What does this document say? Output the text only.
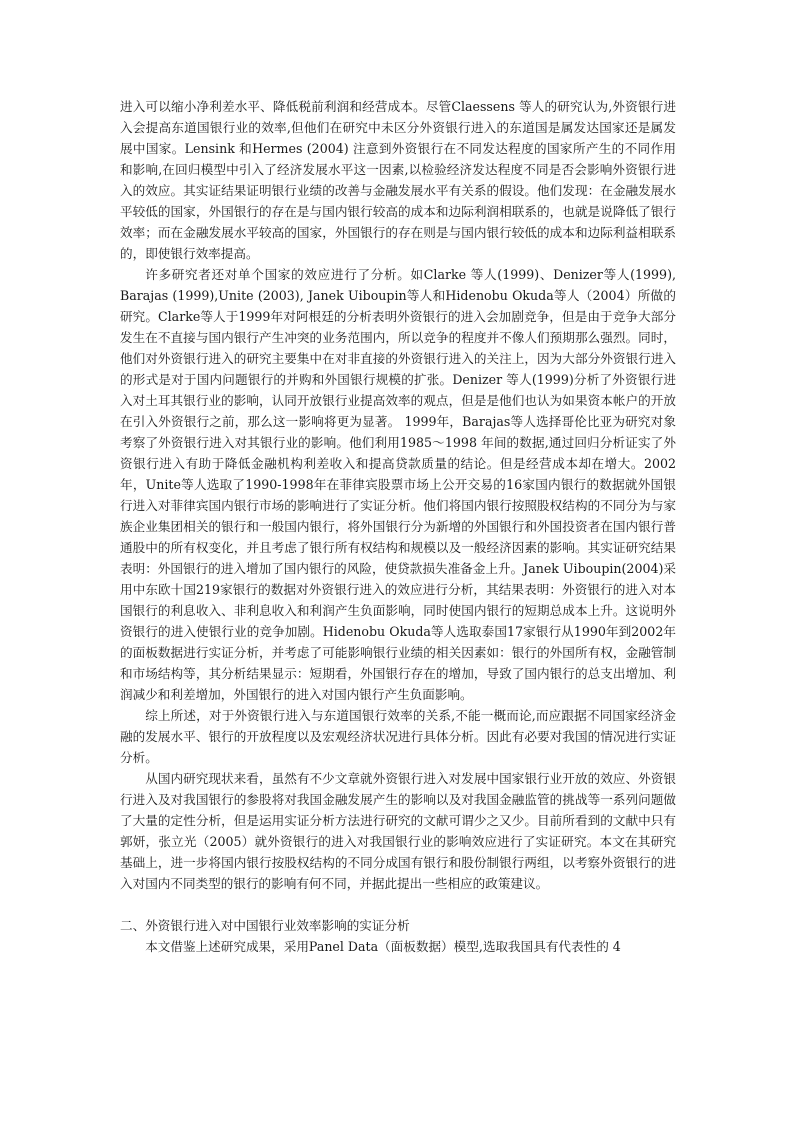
进入可以缩小净利差水平、降低税前利润和经营成本。尽管Claessens 等人的研究认为,外资银行进入会提高东道国银行业的效率,但他们在研究中未区分外资银行进入的东道国是属发达国家还是属发展中国家。Lensink 和Hermes (2004) 注意到外资银行在不同发达程度的国家所产生的不同作用和影响,在回归模型中引入了经济发展水平这一因素,以检验经济发达程度不同是否会影响外资银行进入的效应。其实证结果证明银行业绩的改善与金融发展水平有关系的假设。他们发现：在金融发展水平较低的国家，外国银行的存在是与国内银行较高的成本和边际利润相联系的，也就是说降低了银行效率；而在金融发展水平较高的国家，外国银行的存在则是与国内银行较低的成本和边际利益相联系的，即使银行效率提高。

许多研究者还对单个国家的效应进行了分析。如Clarke 等人(1999)、Denizer等人(1999), Barajas (1999),Unite (2003), Janek Uiboupin等人和Hidenobu Okuda等人（2004）所做的研究。Clarke等人于1999年对阿根廷的分析表明外资银行的进入会加剧竞争，但是由于竞争大部分发生在不直接与国内银行产生冲突的业务范围内，所以竞争的程度并不像人们预期那么强烈。同时，他们对外资银行进入的研究主要集中在对非直接的外资银行进入的关注上，因为大部分外资银行进入的形式是对于国内问题银行的并购和外国银行规模的扩张。Denizer 等人(1999)分析了外资银行进入对土耳其银行业的影响，认同开放银行业提高效率的观点，但是是他们也认为如果资本帐户的开放在引入外资银行之前，那么这一影响将更为显著。 1999年，Barajas等人选择哥伦比亚为研究对象考察了外资银行进入对其银行业的影响。他们利用1985～1998 年间的数据,通过回归分析证实了外资银行进入有助于降低金融机构利差收入和提高贷款质量的结论。但是经营成本却在增大。2002年，Unite等人选取了1990-1998年在菲律宾股票市场上公开交易的16家国内银行的数据就外国银行进入对菲律宾国内银行市场的影响进行了实证分析。他们将国内银行按照股权结构的不同分为与家族企业集团相关的银行和一般国内银行，将外国银行分为新增的外国银行和外国投资者在国内银行普通股中的所有权变化，并且考虑了银行所有权结构和规模以及一般经济因素的影响。其实证研究结果表明：外国银行的进入增加了国内银行的风险，使贷款损失准备金上升。Janek Uiboupin(2004)采用中东欧十国219家银行的数据对外资银行进入的效应进行分析，其结果表明：外资银行的进入对本国银行的利息收入、非利息收入和利润产生负面影响，同时使国内银行的短期总成本上升。这说明外资银行的进入使银行业的竞争加剧。Hidenobu Okuda等人选取泰国17家银行从1990年到2002年的面板数据进行实证分析，并考虑了可能影响银行业绩的相关因素如：银行的外国所有权，金融管制和市场结构等，其分析结果显示：短期看，外国银行存在的增加，导致了国内银行的总支出增加、利润减少和利差增加，外国银行的进入对国内银行产生负面影响。

综上所述，对于外资银行进入与东道国银行效率的关系,不能一概而论,而应跟据不同国家经济金融的发展水平、银行的开放程度以及宏观经济状况进行具体分析。因此有必要对我国的情况进行实证分析。

从国内研究现状来看，虽然有不少文章就外资银行进入对发展中国家银行业开放的效应、外资银行进入及对我国银行的参股将对我国金融发展产生的影响以及对我国金融监管的挑战等一系列问题做了大量的定性分析，但是运用实证分析方法进行研究的文献可谓少之又少。目前所看到的文献中只有郭妍，张立光（2005）就外资银行的进入对我国银行业的影响效应进行了实证研究。本文在其研究基础上，进一步将国内银行按股权结构的不同分成国有银行和股份制银行两组，以考察外资银行的进入对国内不同类型的银行的影响有何不同，并据此提出一些相应的政策建议。

二、外资银行进入对中国银行业效率影响的实证分析

本文借鉴上述研究成果，采用Panel Data（面板数据）模型,选取我国具有代表性的 4
